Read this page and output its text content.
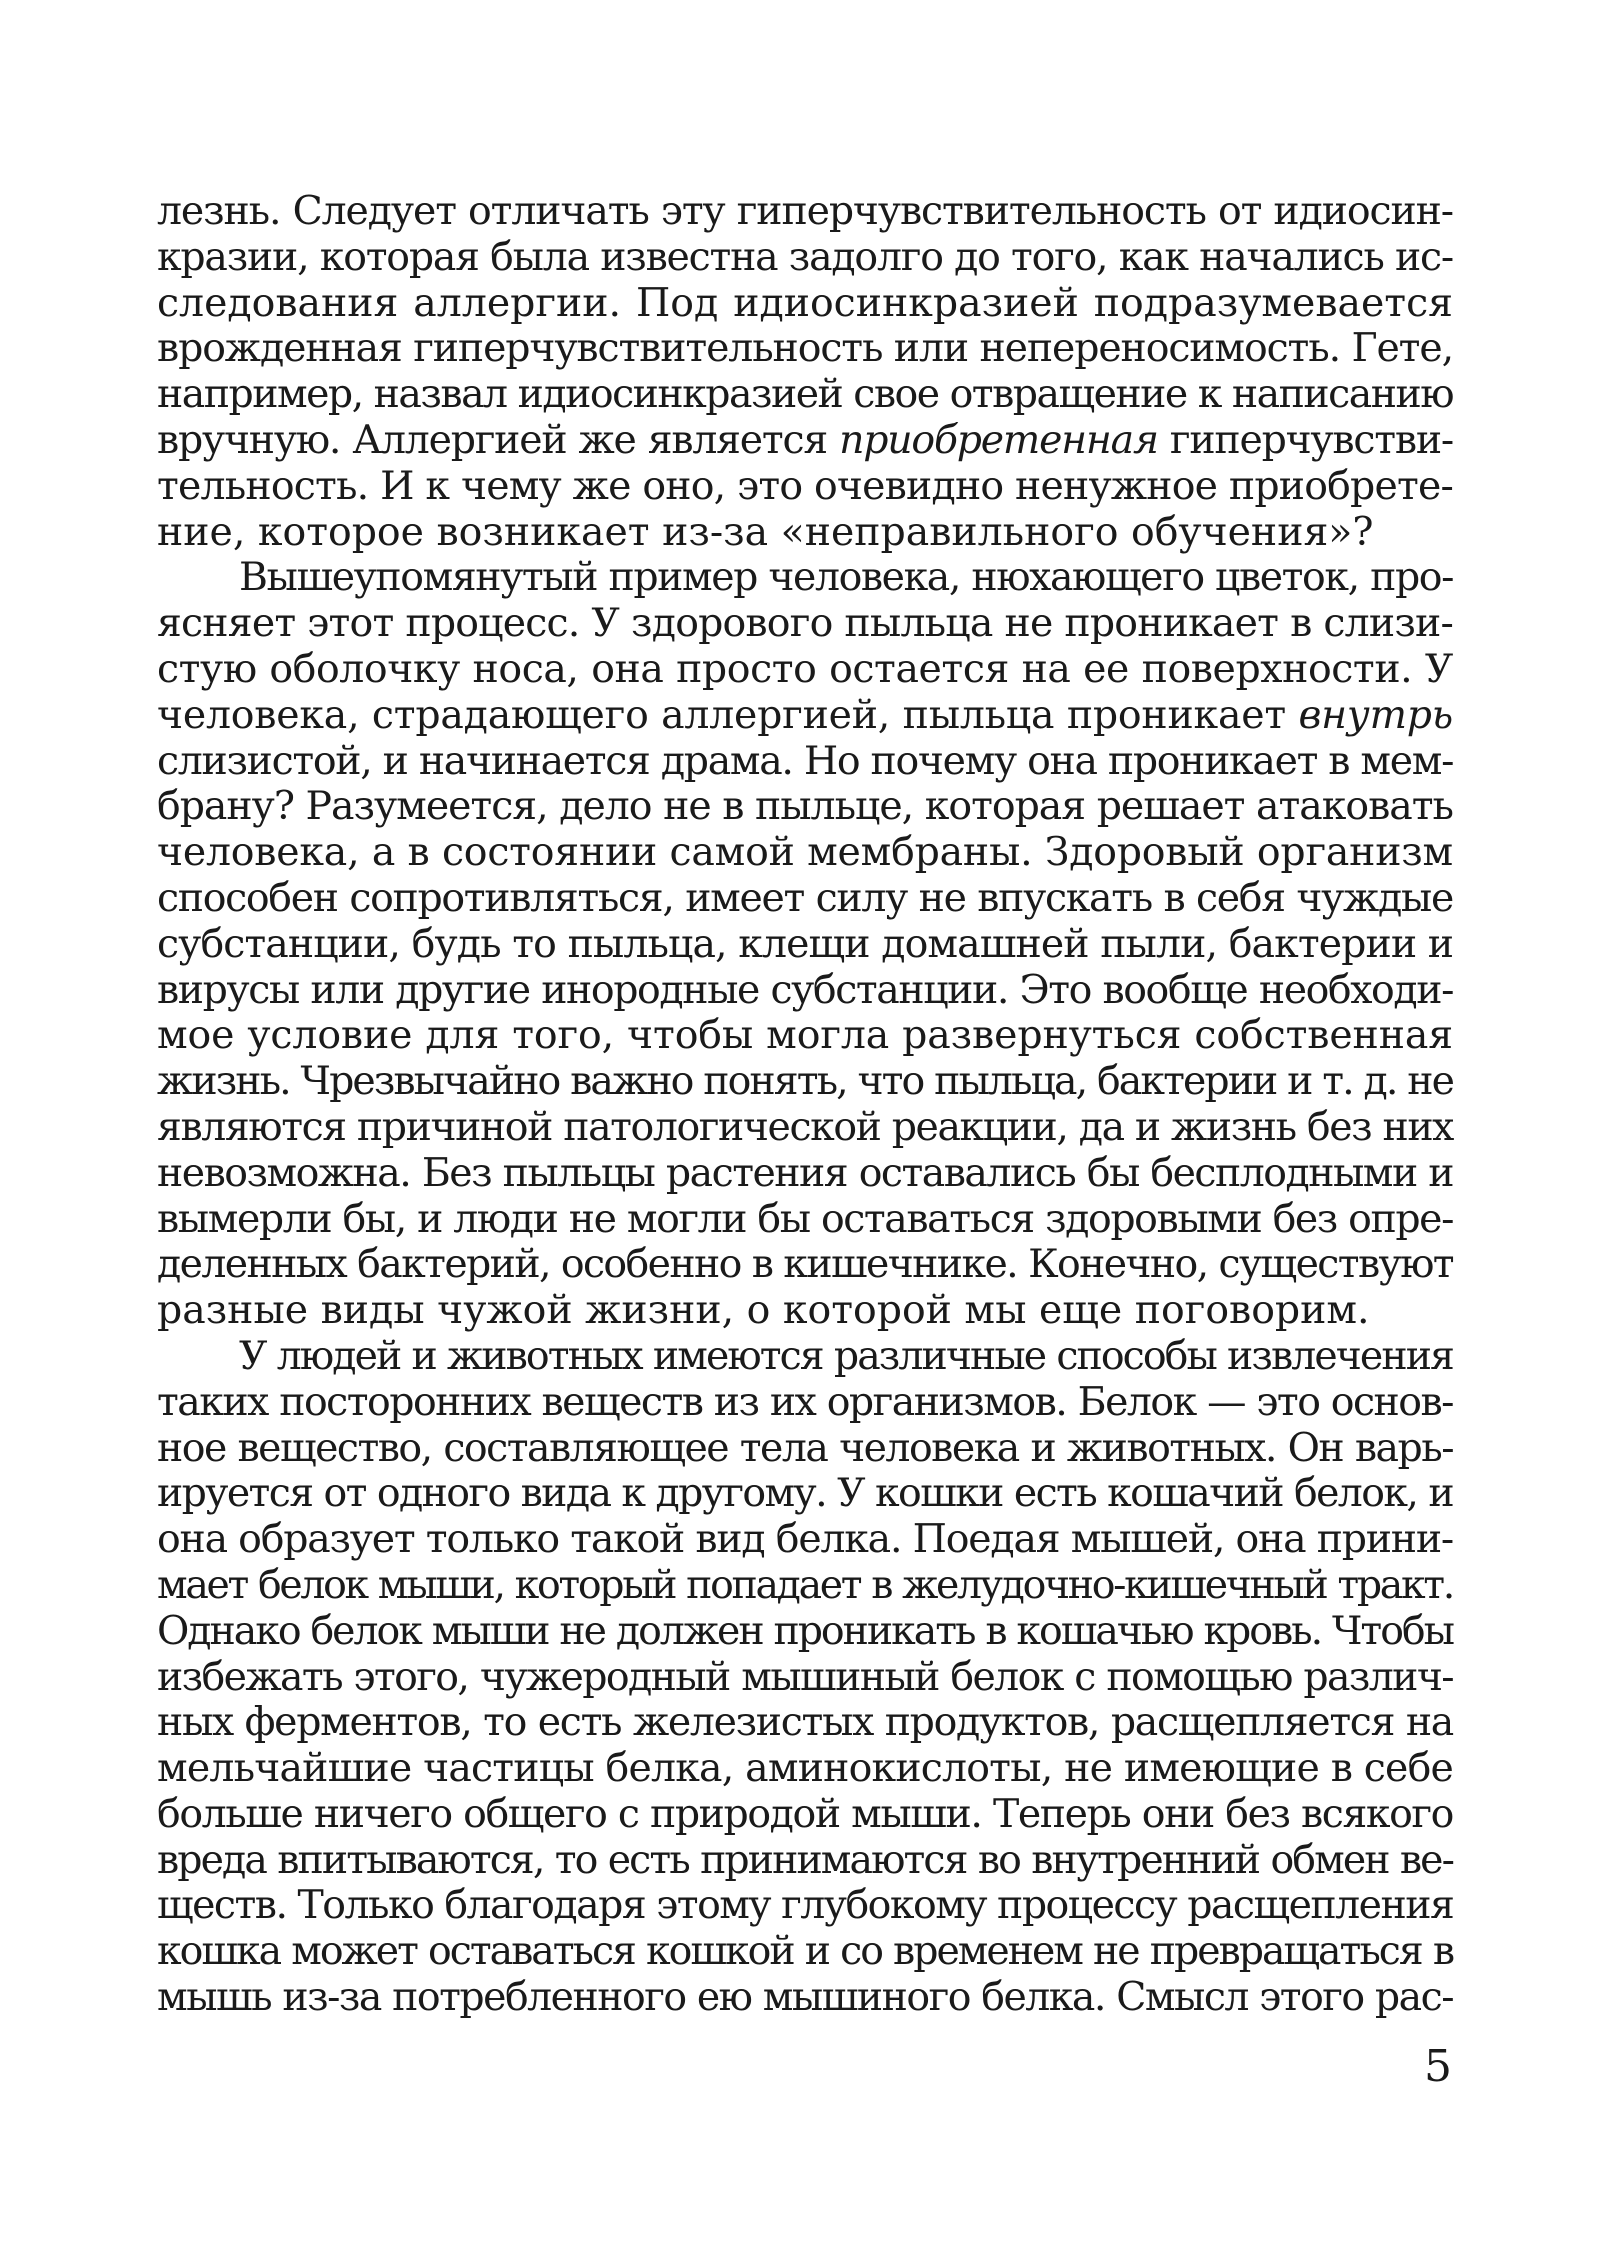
лезнь. Следует отличать эту гиперчувствительность от идиосин-
кразии, которая была известна задолго до того, как начались ис-
следования аллергии. Под идиосинкразией подразумевается
врожденная гиперчувствительность или непереносимость. Гете,
например, назвал идиосинкразией свое отвращение к написанию
вручную. Аллергией же является приобретенная гиперчувстви-
тельность. И к чему же оно, это очевидно ненужное приобрете-
ние, которое возникает из-за «неправильного обучения»?
Вышеупомянутый пример человека, нюхающего цветок, про-
ясняет этот процесс. У здорового пыльца не проникает в слизи-
стую оболочку носа, она просто остается на ее поверхности. У
человека, страдающего аллергией, пыльца проникает внутрь
слизистой, и начинается драма. Но почему она проникает в мем-
брану? Разумеется, дело не в пыльце, которая решает атаковать
человека, а в состоянии самой мембраны. Здоровый организм
способен сопротивляться, имеет силу не впускать в себя чуждые
субстанции, будь то пыльца, клещи домашней пыли, бактерии и
вирусы или другие инородные субстанции. Это вообще необходи-
мое условие для того, чтобы могла развернуться собственная
жизнь. Чрезвычайно важно понять, что пыльца, бактерии и т. д. не
являются причиной патологической реакции, да и жизнь без них
невозможна. Без пыльцы растения оставались бы бесплодными и
вымерли бы, и люди не могли бы оставаться здоровыми без опре-
деленных бактерий, особенно в кишечнике. Конечно, существуют
разные виды чужой жизни, о которой мы еще поговорим.
У людей и животных имеются различные способы извлечения
таких посторонних веществ из их организмов. Белок — это основ-
ное вещество, составляющее тела человека и животных. Он варь-
ируется от одного вида к другому. У кошки есть кошачий белок, и
она образует только такой вид белка. Поедая мышей, она прини-
мает белок мыши, который попадает в желудочно-кишечный тракт.
Однако белок мыши не должен проникать в кошачью кровь. Чтобы
избежать этого, чужеродный мышиный белок с помощью различ-
ных ферментов, то есть железистых продуктов, расщепляется на
мельчайшие частицы белка, аминокислоты, не имеющие в себе
больше ничего общего с природой мыши. Теперь они без всякого
вреда впитываются, то есть принимаются во внутренний обмен ве-
ществ. Только благодаря этому глубокому процессу расщепления
кошка может оставаться кошкой и со временем не превращаться в
мышь из-за потребленного ею мышиного белка. Смысл этого рас-
5
